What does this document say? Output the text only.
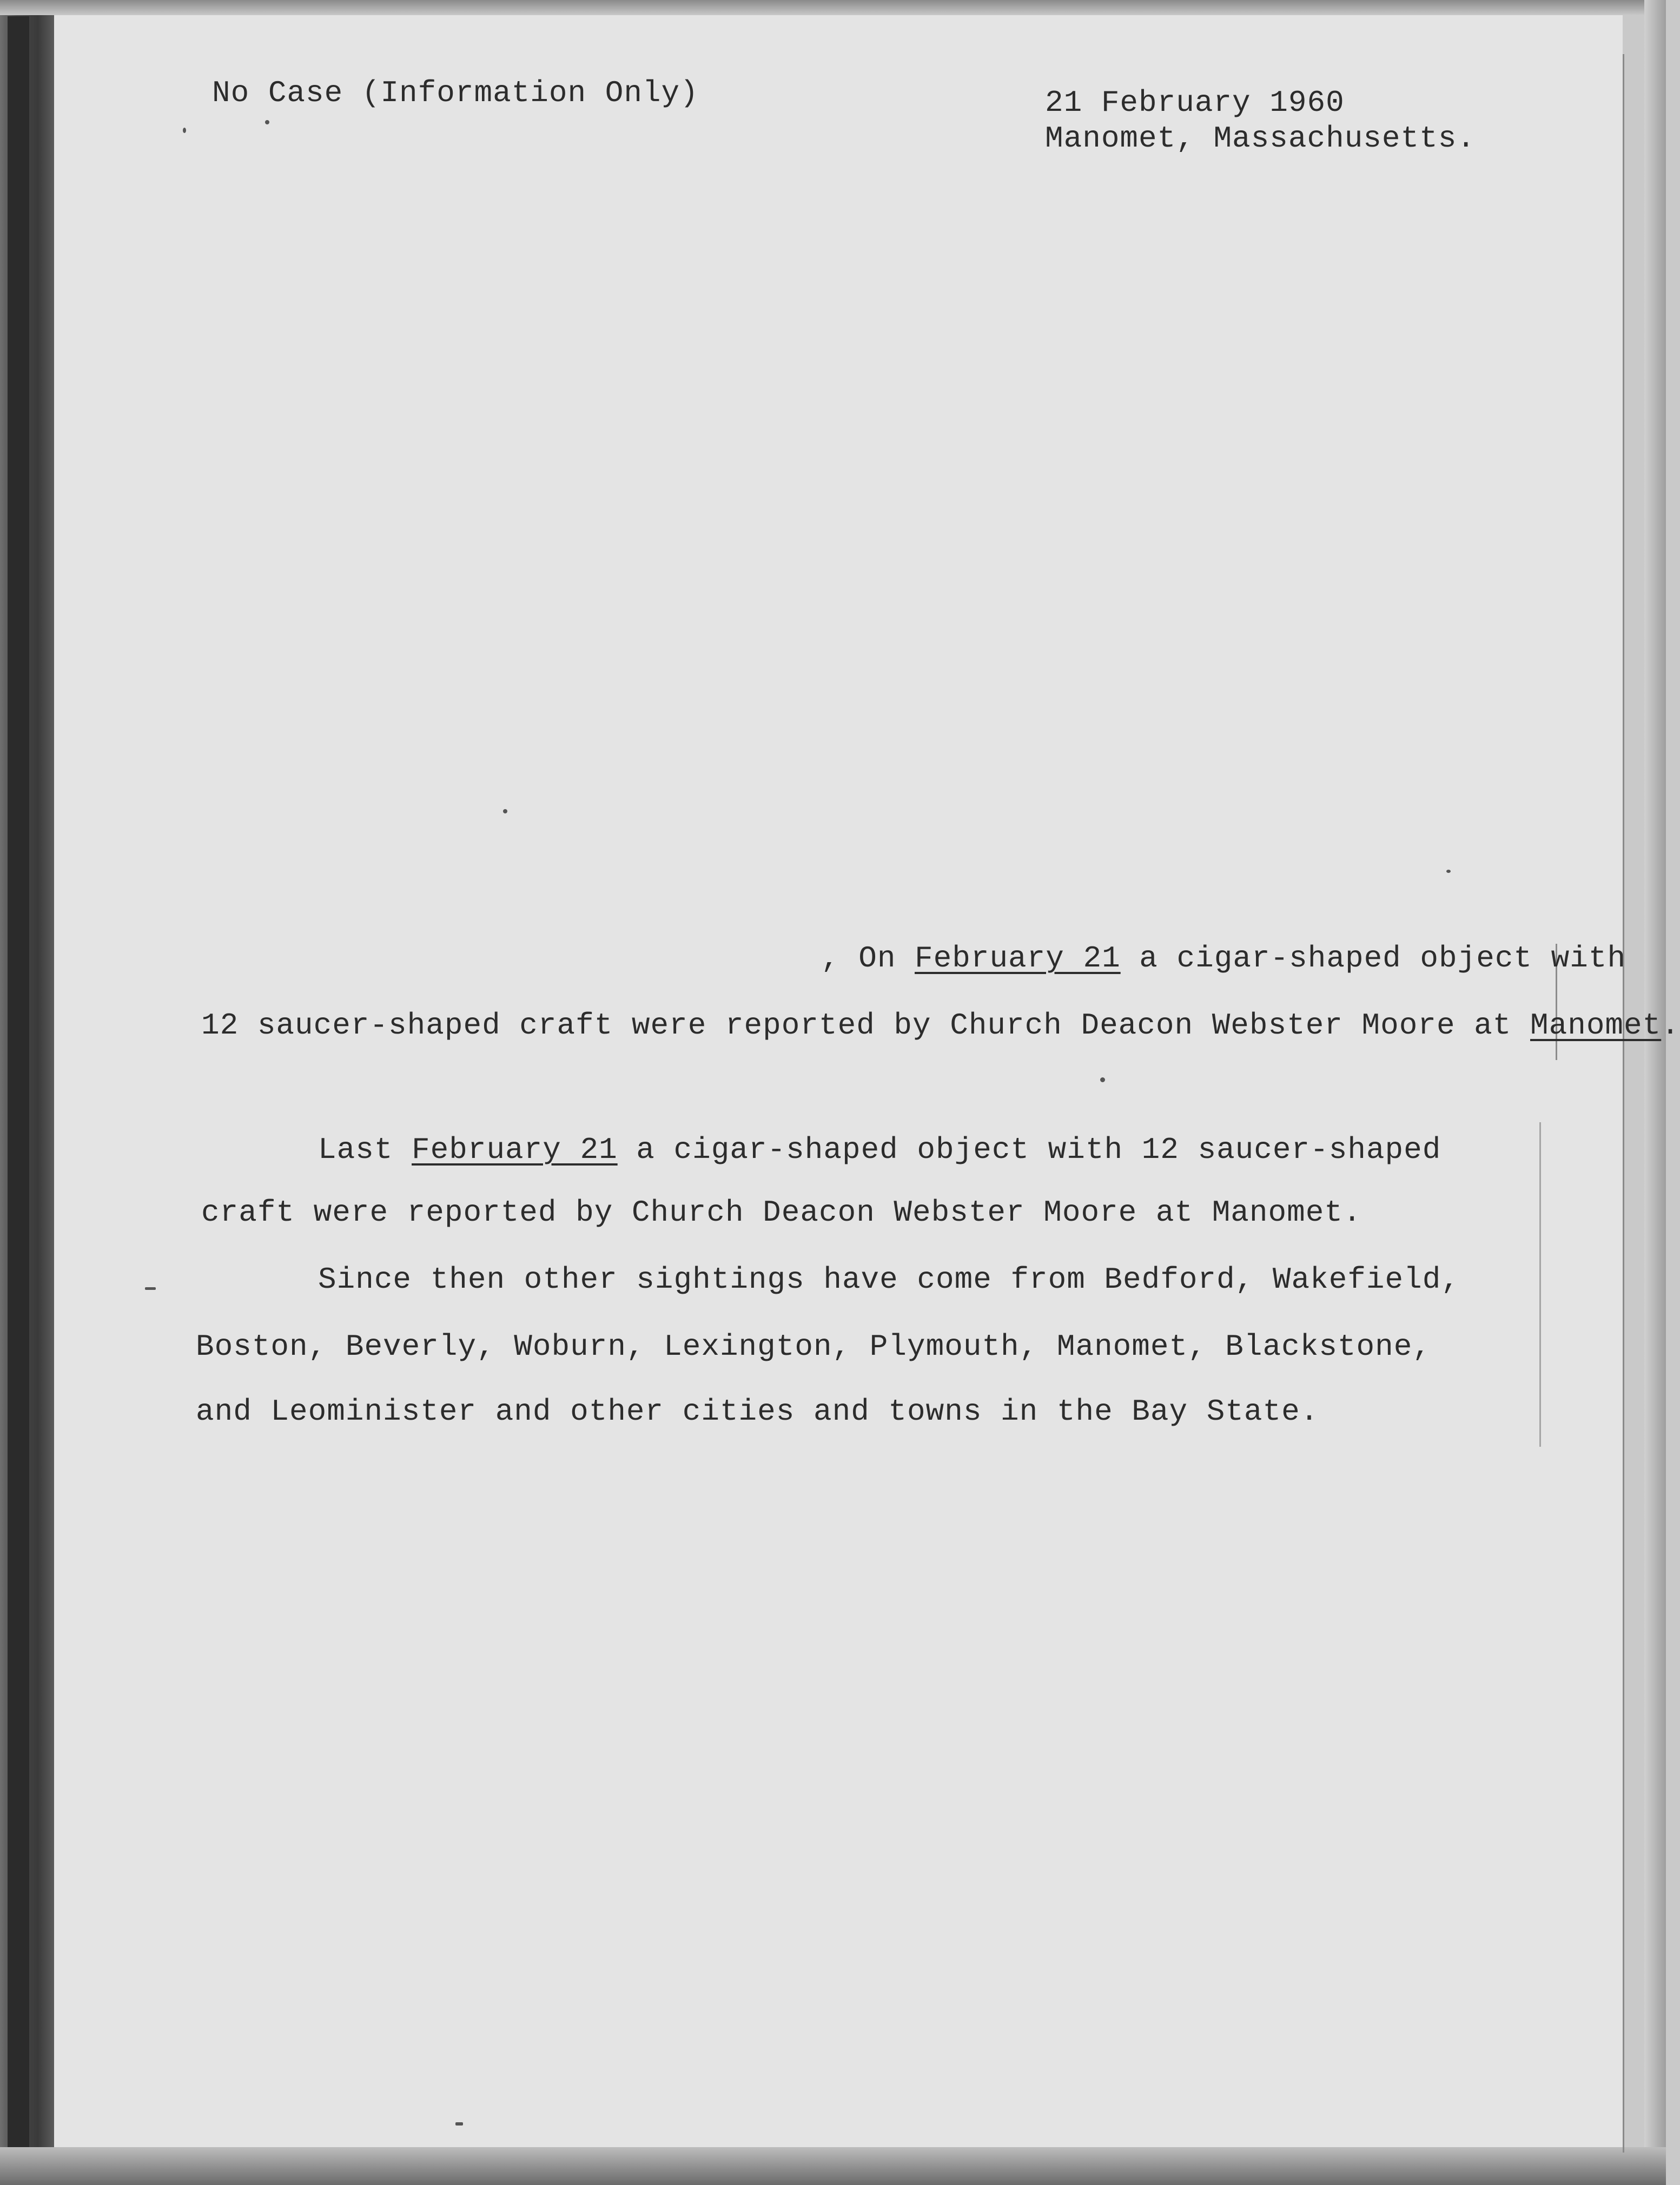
No Case (Information Only)	21 February 1960
Manomet, Massachusetts.
, On February 21 a cigar-shaped object with
12 saucer-shaped craft were reported by Church Deacon Webster Moore at Manomet.
Last February 21 a cigar-shaped object with 12 saucer-shaped
craft were reported by Church Deacon Webster Moore at Manomet.
Since then other sightings have come from Bedford, Wakefield,
Boston, Beverly, Woburn, Lexington, Plymouth, Manomet, Blackstone,
and Leominister and other cities and towns in the Bay State.
